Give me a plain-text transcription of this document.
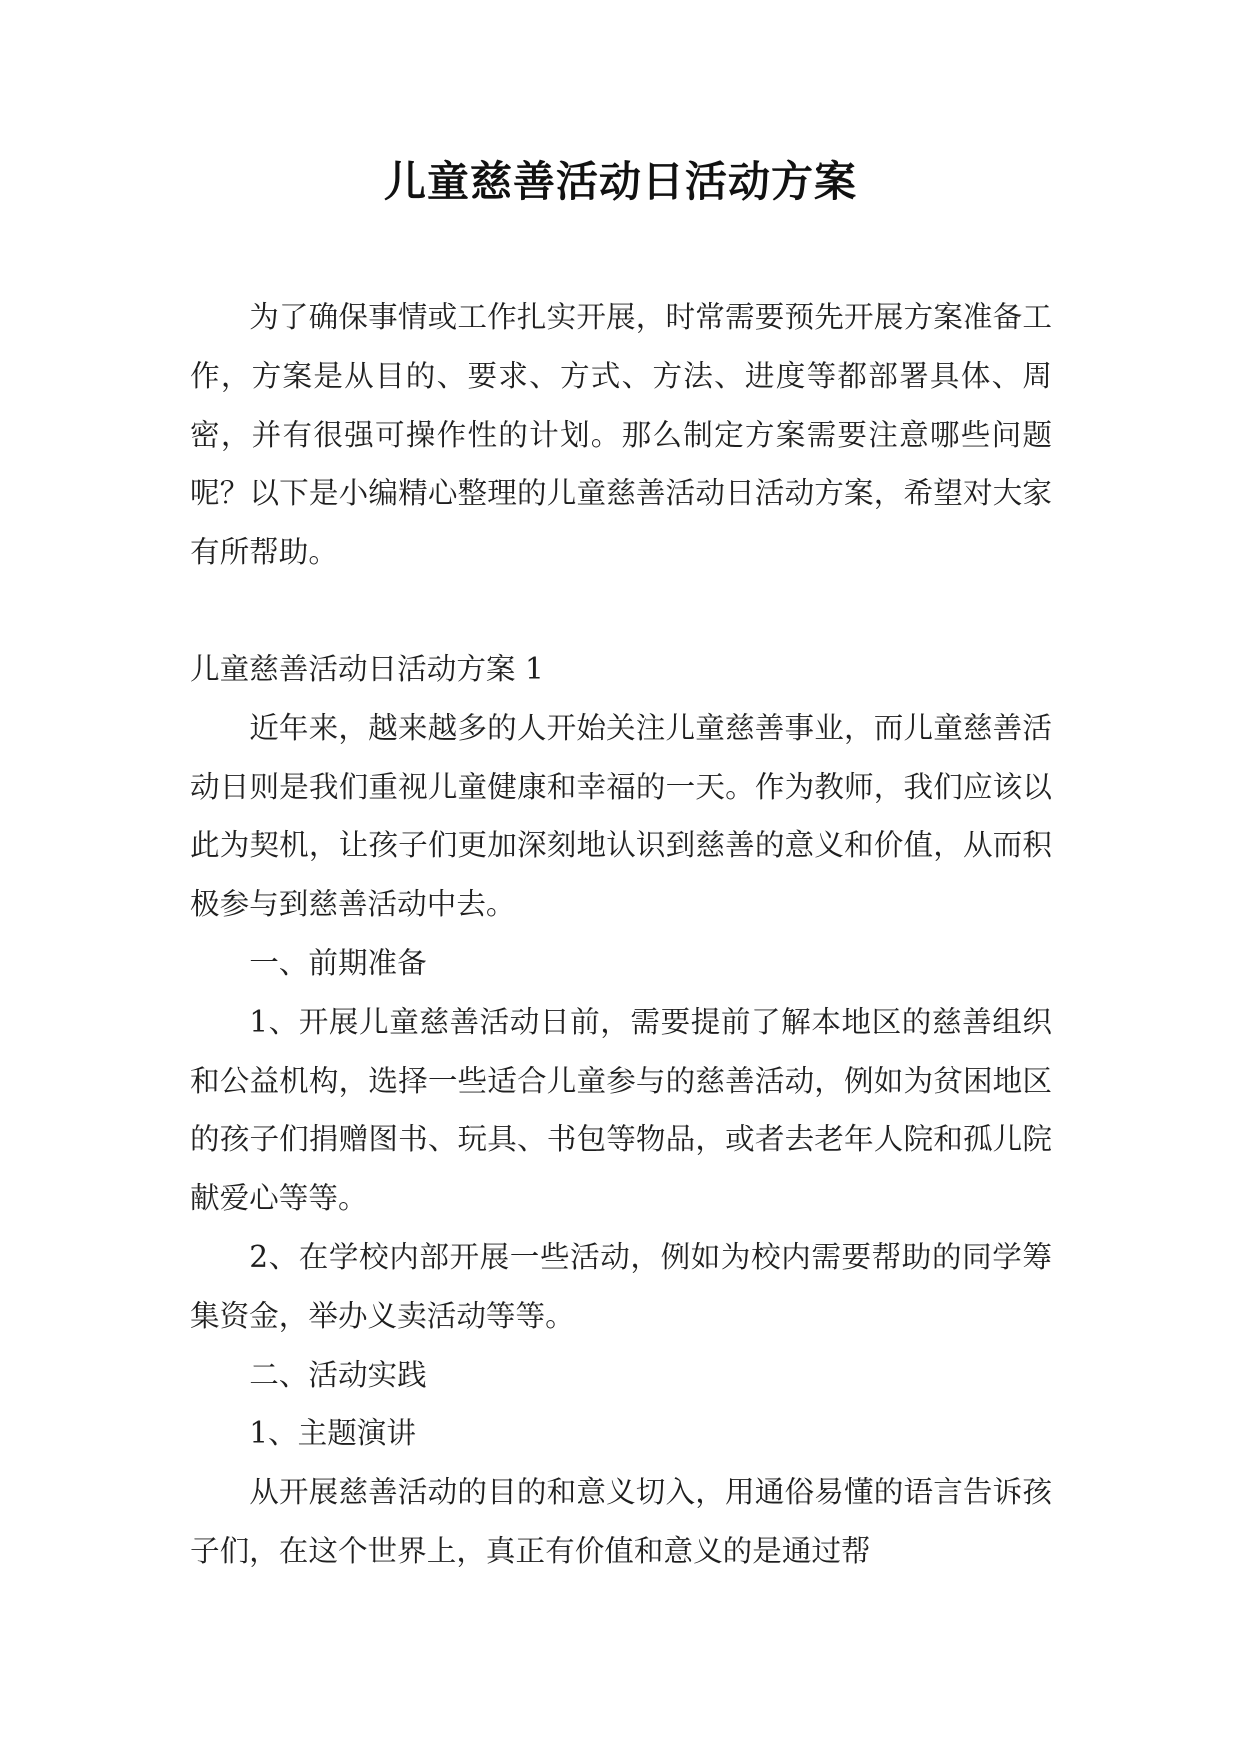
儿童慈善活动日活动方案

为了确保事情或工作扎实开展，时常需要预先开展方案准备工作，方案是从目的、要求、方式、方法、进度等都部署具体、周密，并有很强可操作性的计划。那么制定方案需要注意哪些问题呢？以下是小编精心整理的儿童慈善活动日活动方案，希望对大家有所帮助。

儿童慈善活动日活动方案 1

近年来，越来越多的人开始关注儿童慈善事业，而儿童慈善活动日则是我们重视儿童健康和幸福的一天。作为教师，我们应该以此为契机，让孩子们更加深刻地认识到慈善的意义和价值，从而积极参与到慈善活动中去。

一、前期准备

1、开展儿童慈善活动日前，需要提前了解本地区的慈善组织和公益机构，选择一些适合儿童参与的慈善活动，例如为贫困地区的孩子们捐赠图书、玩具、书包等物品，或者去老年人院和孤儿院献爱心等等。

2、在学校内部开展一些活动，例如为校内需要帮助的同学筹集资金，举办义卖活动等等。

二、活动实践

1、主题演讲

从开展慈善活动的目的和意义切入，用通俗易懂的语言告诉孩子们，在这个世界上，真正有价值和意义的是通过帮
